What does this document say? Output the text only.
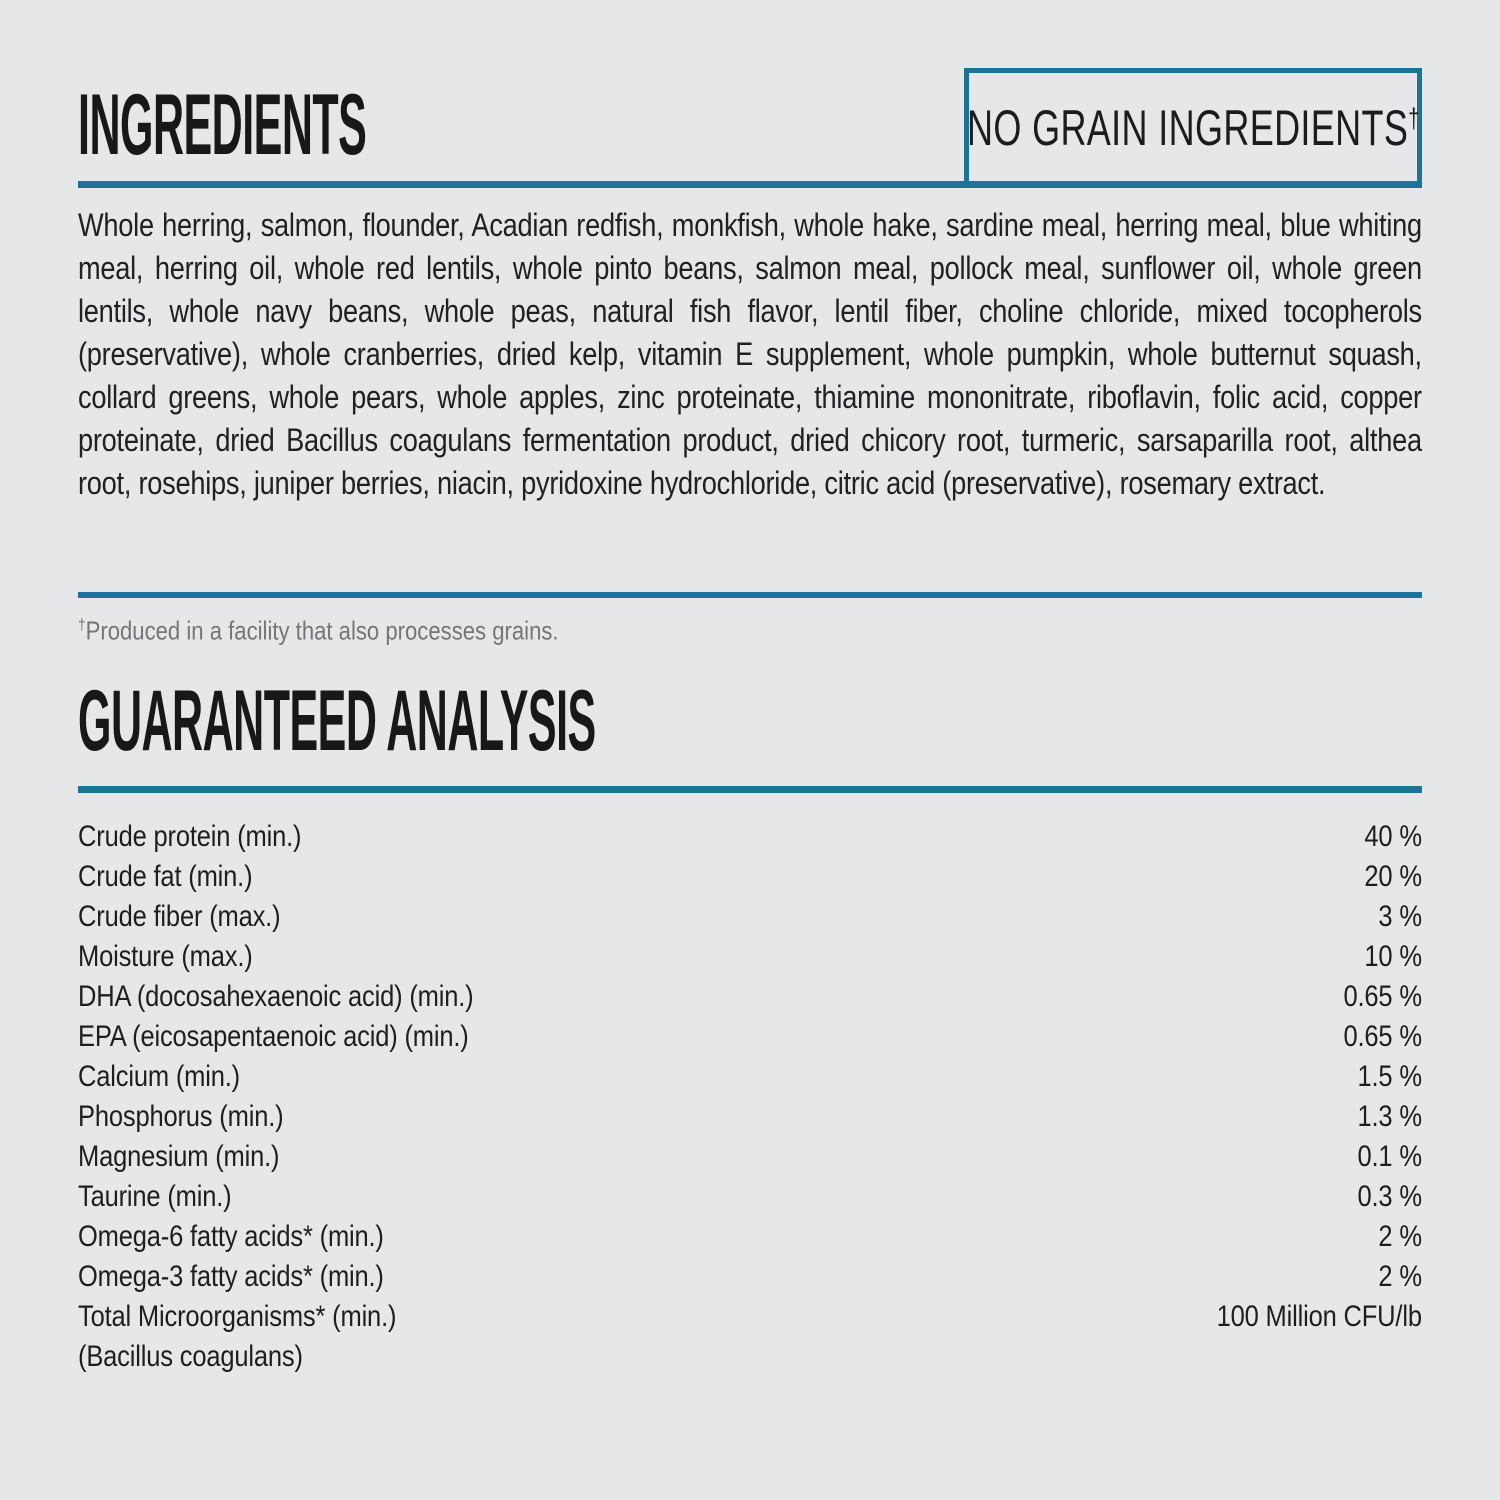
INGREDIENTS	NO GRAIN INGREDIENTS†

Whole herring, salmon, flounder, Acadian redfish, monkfish, whole hake, sardine meal, herring meal, blue whiting meal, herring oil, whole red lentils, whole pinto beans, salmon meal, pollock meal, sunflower oil, whole green lentils, whole navy beans, whole peas, natural fish flavor, lentil fiber, choline chloride, mixed tocopherols (preservative), whole cranberries, dried kelp, vitamin E supplement, whole pumpkin, whole butternut squash, collard greens, whole pears, whole apples, zinc proteinate, thiamine mononitrate, riboflavin, folic acid, copper proteinate, dried Bacillus coagulans fermentation product, dried chicory root, turmeric, sarsaparilla root, althea root, rosehips, juniper berries, niacin, pyridoxine hydrochloride, citric acid (preservative), rosemary extract.

†Produced in a facility that also processes grains.

GUARANTEED ANALYSIS
Crude protein (min.)	40 %
Crude fat (min.)	20 %
Crude fiber (max.)	3 %
Moisture (max.)	10 %
DHA (docosahexaenoic acid) (min.)	0.65 %
EPA (eicosapentaenoic acid) (min.)	0.65 %
Calcium (min.)	1.5 %
Phosphorus (min.)	1.3 %
Magnesium (min.)	0.1 %
Taurine (min.)	0.3 %
Omega-6 fatty acids* (min.)	2 %
Omega-3 fatty acids* (min.)	2 %
Total Microorganisms* (min.)	100 Million CFU/lb
(Bacillus coagulans)
